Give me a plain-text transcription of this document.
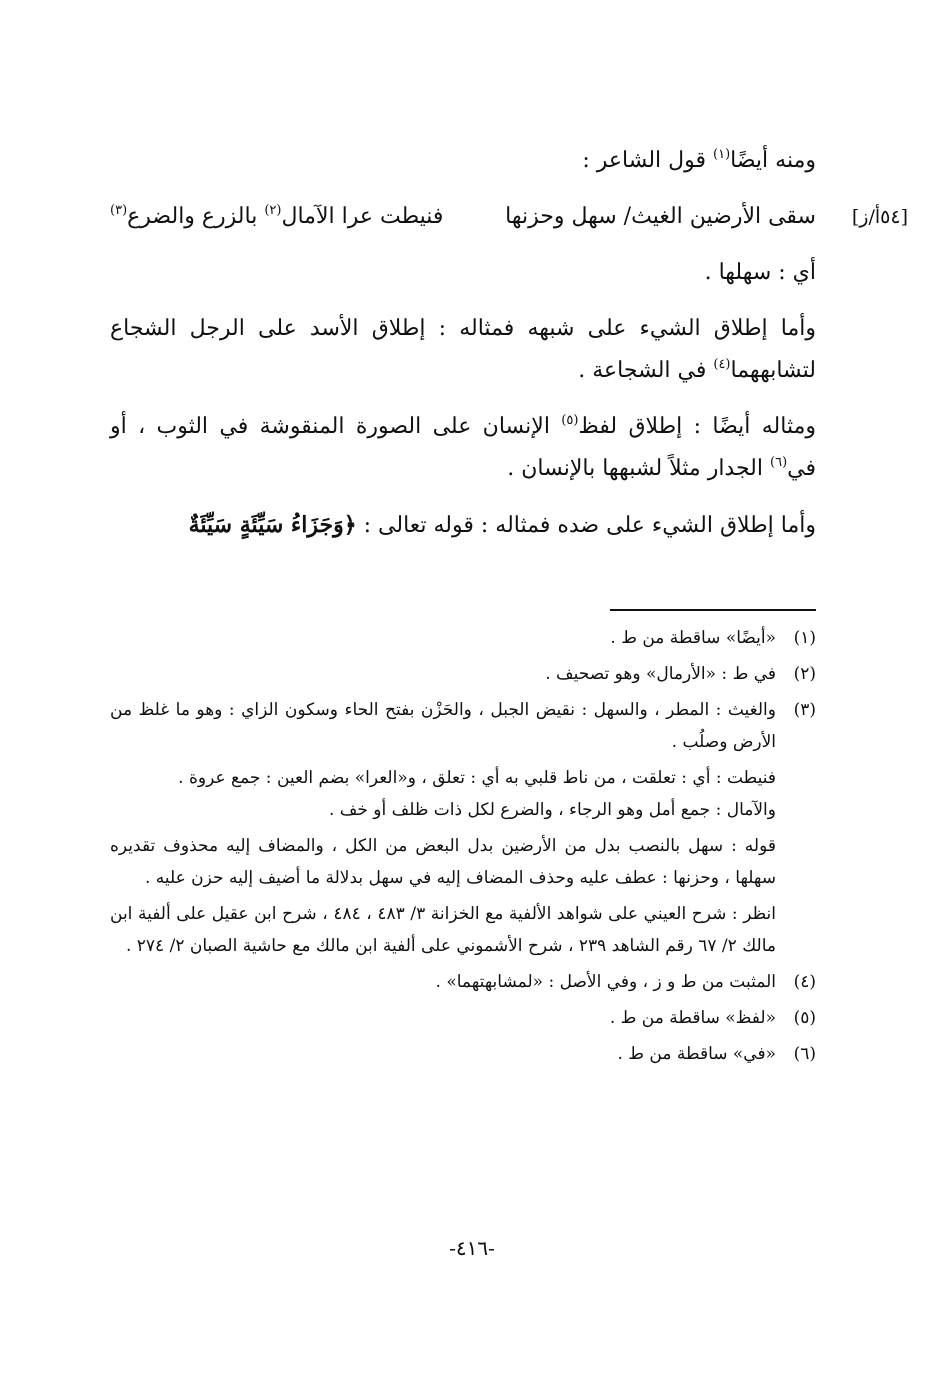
ومنه أيضًا$^{(١)}$ قول الشاعر :

[٥٤أ/ز]
سقى الأرضين الغيث/ سهل وحزنها
فنيطت عرا الآمال$^{(٢)}$ بالزرع والضرع$^{(٣)}$

أي : سهلها .

وأما إطلاق الشيء على شبهه فمثاله : إطلاق الأسد على الرجل الشجاع لتشابههما$^{(٤)}$ في الشجاعة .

ومثاله أيضًا : إطلاق لفظ$^{(٥)}$ الإنسان على الصورة المنقوشة في الثوب ، أو في$^{(٦)}$ الجدار مثلاً لشبهها بالإنسان .

وأما إطلاق الشيء على ضده فمثاله : قوله تعالى : ﴿وَجَزَاءُ سَيِّئَةٍ سَيِّئَةٌ

(١)
«أيضًا» ساقطة من ط .
(٢)
في ط : «الأرمال» وهو تصحيف .
(٣)
والغيث : المطر ، والسهل : نقيض الجبل ، والحَزْن بفتح الحاء وسكون الزاي : وهو ما غلظ من الأرض وصلُب .
فنيطت : أي : تعلقت ، من ناط قلبي به أي : تعلق ، و«العرا» بضم العين : جمع عروة .
والآمال : جمع أمل وهو الرجاء ، والضرع لكل ذات ظلف أو خف .
قوله : سهل بالنصب بدل من الأرضين بدل البعض من الكل ، والمضاف إليه محذوف تقديره سهلها ، وحزنها : عطف عليه وحذف المضاف إليه في سهل بدلالة ما أضيف إليه حزن عليه .
انظر : شرح العيني على شواهد الألفية مع الخزانة ٣/ ٤٨٣ ، ٤٨٤ ، شرح ابن عقيل على ألفية ابن مالك ٢/ ٦٧ رقم الشاهد ٢٣٩ ، شرح الأشموني على ألفية ابن مالك مع حاشية الصبان ٢/ ٢٧٤ .
(٤)
المثبت من ط و ز ، وفي الأصل : «لمشابهتهما» .
(٥)
«لفظ» ساقطة من ط .
(٦)
«في» ساقطة من ط .
-٤١٦-
